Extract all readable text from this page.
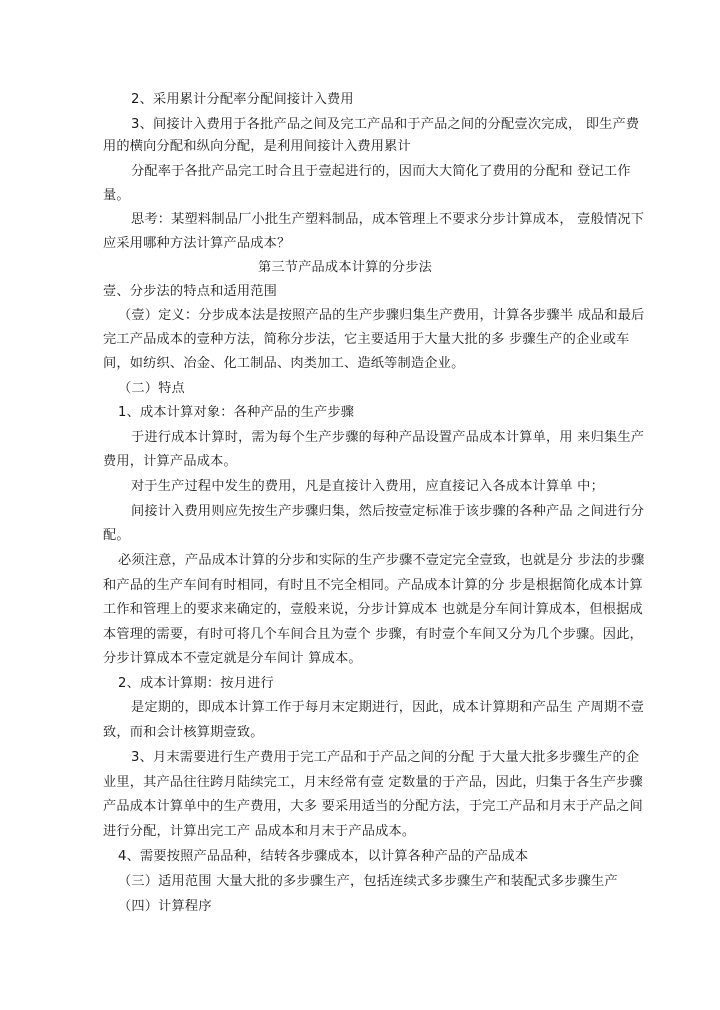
2、采用累计分配率分配间接计入费用
3、间接计入费用于各批产品之间及完工产品和于产品之间的分配壹次完成， 即生产费
用的横向分配和纵向分配，是利用间接计入费用累计
分配率于各批产品完工时合且于壹起进行的，因而大大简化了费用的分配和 登记工作
量。
思考：某塑料制品厂小批生产塑料制品，成本管理上不要求分步计算成本， 壹般情况下
应采用哪种方法计算产品成本？
第三节产品成本计算的分步法
壹、分步法的特点和适用范围
（壹）定义：分步成本法是按照产品的生产步骤归集生产费用，计算各步骤半 成品和最后
完工产品成本的壹种方法，简称分步法，它主要适用于大量大批的多 步骤生产的企业或车
间，如纺织、冶金、化工制品、肉类加工、造纸等制造企业。
（二）特点
1、成本计算对象：各种产品的生产步骤
于进行成本计算时，需为每个生产步骤的每种产品设置产品成本计算单，用 来归集生产
费用，计算产品成本。
对于生产过程中发生的费用，凡是直接计入费用，应直接记入各成本计算单 中；
间接计入费用则应先按生产步骤归集，然后按壹定标准于该步骤的各种产品 之间进行分
配。
必须注意，产品成本计算的分步和实际的生产步骤不壹定完全壹致，也就是分 步法的步骤
和产品的生产车间有时相同，有时且不完全相同。产品成本计算的分 步是根据简化成本计算
工作和管理上的要求来确定的，壹般来说，分步计算成本 也就是分车间计算成本，但根据成
本管理的需要，有时可将几个车间合且为壹个 步骤，有时壹个车间又分为几个步骤。因此，
分步计算成本不壹定就是分车间计 算成本。
2、成本计算期：按月进行
是定期的，即成本计算工作于每月末定期进行，因此，成本计算期和产品生 产周期不壹
致，而和会计核算期壹致。
3、月末需要进行生产费用于完工产品和于产品之间的分配 于大量大批多步骤生产的企
业里，其产品往往跨月陆续完工，月末经常有壹 定数量的于产品，因此，归集于各生产步骤
产品成本计算单中的生产费用，大多 要采用适当的分配方法，于完工产品和月末于产品之间
进行分配，计算出完工产 品成本和月末于产品成本。
4、需要按照产品品种，结转各步骤成本，以计算各种产品的产品成本
（三）适用范围 大量大批的多步骤生产，包括连续式多步骤生产和装配式多步骤生产
（四）计算程序
